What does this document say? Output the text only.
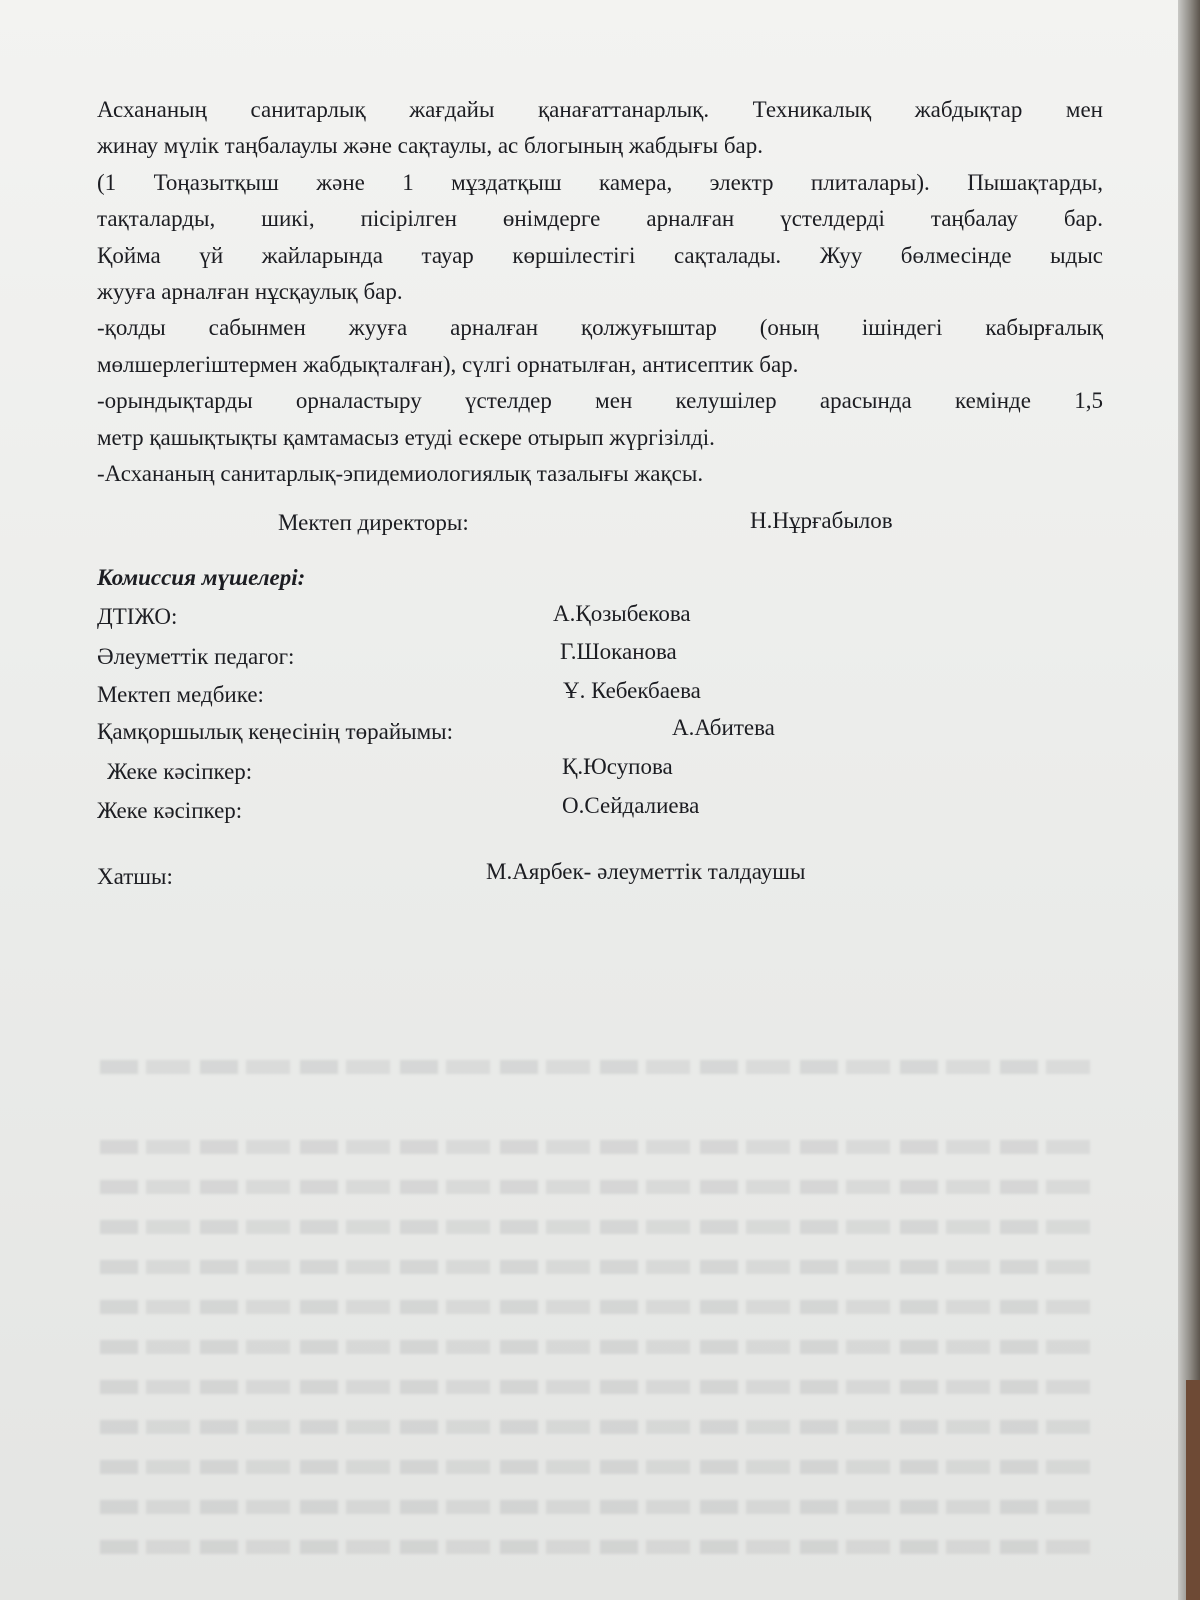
Асхананың санитарлық жағдайы қанағаттанарлық. Техникалық жабдықтар мен
жинау мүлік таңбалаулы және сақтаулы, ас блогының жабдығы бар.
(1 Тоңазытқыш және 1 мұздатқыш камера, электр плиталары). Пышақтарды,
тақталарды, шикі, пісірілген өнімдерге арналған үстелдерді таңбалау бар.
Қойма үй жайларында тауар көршілестігі сақталады. Жуу бөлмесінде ыдыс
жууға арналған нұсқаулық бар.
-қолды сабынмен жууға арналған қолжуғыштар (оның ішіндегі кабырғалық
мөлшерлегіштермен жабдықталған), сүлгі орнатылған, антисептик бар.
-орындықтарды орналастыру үстелдер мен келушілер арасында кемінде 1,5
метр қашықтықты қамтамасыз етуді ескере отырып жүргізілді.
-Асхананың санитарлық-эпидемиологиялық тазалығы жақсы.

Мектеп директоры:	Н.Нұрғабылов
Комиссия мүшелері:
ДТІЖО:	А.Қозыбекова
Әлеуметтік педагог:	Г.Шоканова
Мектеп медбике:	Ұ. Кебекбаева
Қамқоршылық кеңесінің төрайымы:	А.Абитева
Жеке кәсіпкер:	Қ.Юсупова
Жеке кәсіпкер:	О.Сейдалиева
Хатшы:	М.Аярбек- әлеуметтік талдаушы
